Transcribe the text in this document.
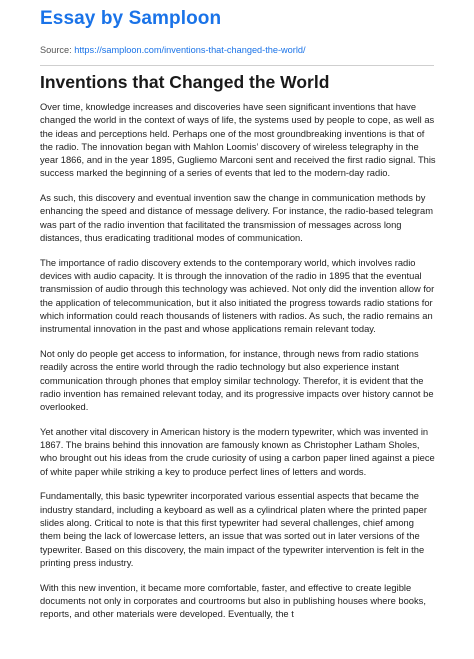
Essay by Samploon
Source: https://samploon.com/inventions-that-changed-the-world/
Inventions that Changed the World

Over time, knowledge increases and discoveries have seen significant inventions that have changed the world in the context of ways of life, the systems used by people to cope, as well as the ideas and perceptions held. Perhaps one of the most groundbreaking inventions is that of the radio. The innovation began with Mahlon Loomis’ discovery of wireless telegraphy in the year 1866, and in the year 1895, Gugliemo Marconi sent and received the first radio signal. This success marked the beginning of a series of events that led to the modern-day radio.

As such, this discovery and eventual invention saw the change in communication methods by enhancing the speed and distance of message delivery. For instance, the radio-based telegram was part of the radio invention that facilitated the transmission of messages across long distances, thus eradicating traditional modes of communication.

The importance of radio discovery extends to the contemporary world, which involves radio devices with audio capacity. It is through the innovation of the radio in 1895 that the eventual transmission of audio through this technology was achieved. Not only did the invention allow for the application of telecommunication, but it also initiated the progress towards radio stations for which information could reach thousands of listeners with radios. As such, the radio remains an instrumental innovation in the past and whose applications remain relevant today.

Not only do people get access to information, for instance, through news from radio stations readily across the entire world through the radio technology but also experience instant communication through phones that employ similar technology. Therefor, it is evident that the radio invention has remained relevant today, and its progressive impacts over history cannot be overlooked.

Yet another vital discovery in American history is the modern typewriter, which was invented in 1867. The brains behind this innovation are famously known as Christopher Latham Sholes, who brought out his ideas from the crude curiosity of using a carbon paper lined against a piece of white paper while striking a key to produce perfect lines of letters and words.

Fundamentally, this basic typewriter incorporated various essential aspects that became the industry standard, including a keyboard as well as a cylindrical platen where the printed paper slides along. Critical to note is that this first typewriter had several challenges, chief among them being the lack of lowercase letters, an issue that was sorted out in later versions of the typewriter. Based on this discovery, the main impact of the typewriter intervention is felt in the printing press industry.

With this new invention, it became more comfortable, faster, and effective to create legible documents not only in corporates and courtrooms but also in publishing houses where books, reports, and other materials were developed. Eventually, the t
